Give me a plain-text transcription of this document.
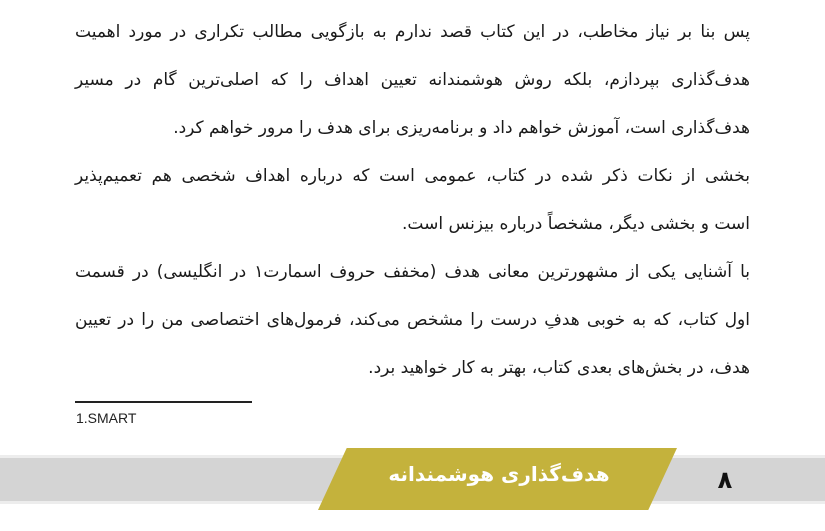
پس بنا بر نیاز مخاطب، در این کتاب قصد ندارم به بازگویی مطالب تکراری در مورد اهمیت
هدف‌گذاری بپردازم، بلکه روش هوشمندانه تعیین اهداف را که اصلی‌ترین گام در مسیر
هدف‌گذاری است، آموزش خواهم داد و برنامه‌ریزی برای هدف را مرور خواهم کرد.

بخشی از نکات ذکر شده در کتاب، عمومی است که درباره اهداف شخصی هم تعمیم‌پذیر
است و بخشی دیگر، مشخصاً درباره بیزنس است.

با آشنایی یکی از مشهورترین معانی هدف (مخفف حروف اسمارت۱ در انگلیسی) در قسمت
اول کتاب، که به خوبی هدفِ درست را مشخص می‌کند، فرمول‌های اختصاصی من را در تعیین
هدف، در بخش‌های بعدی کتاب، بهتر به کار خواهید برد.

1.SMART
هدف‌گذاری هوشمندانه	۸
